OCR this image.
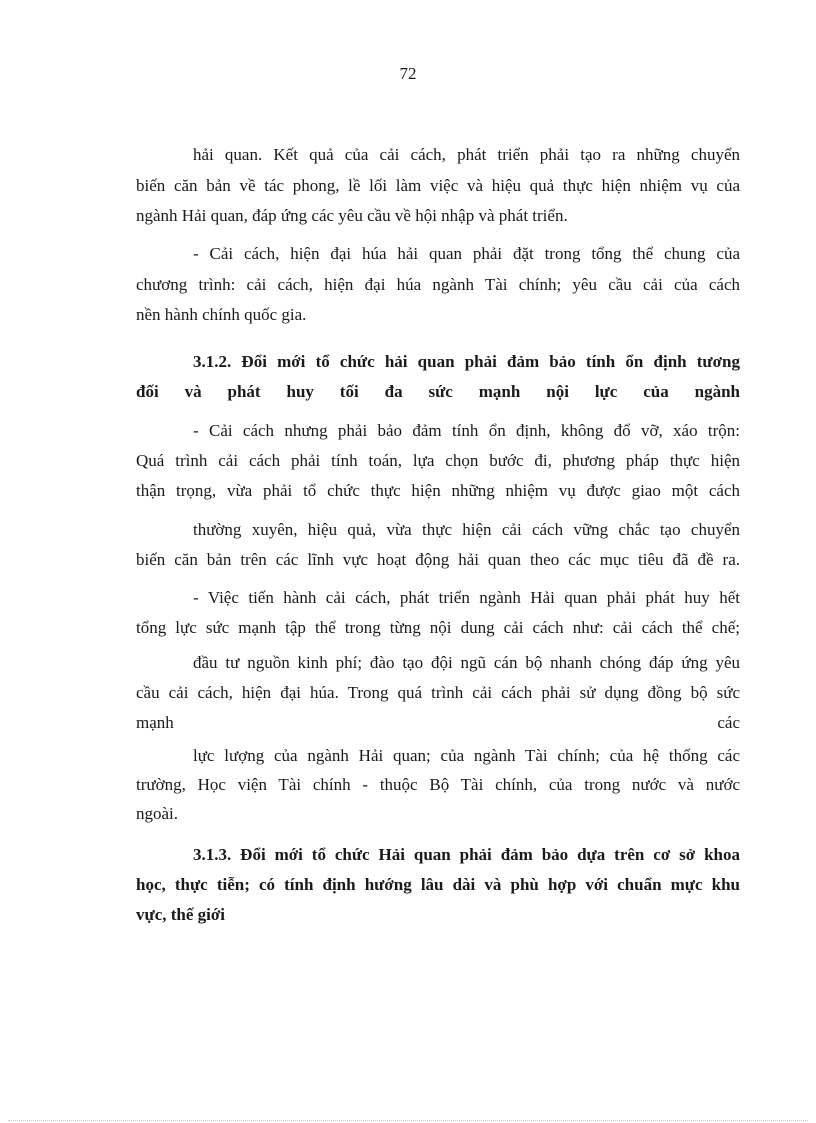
72
hải quan. Kết quả của cải cách, phát triển phải tạo ra những chuyển
biến căn bản về tác phong, lề lối làm việc và hiệu quả thực hiện nhiệm vụ của
ngành Hải quan, đáp ứng các yêu cầu về hội nhập và phát triển.
- Cải cách, hiện đại húa hải quan phải đặt trong tổng thể chung của
chương trình: cải cách, hiện đại húa ngành Tài chính; yêu cầu cải của cách
nền hành chính quốc gia.
3.1.2. Đổi mới tổ chức hải quan phải đảm bảo tính ổn định tương
đối và phát huy tối đa sức mạnh nội lực của ngành
- Cải cách nhưng phải bảo đảm tính ổn định, không đổ vỡ, xáo trộn:
Quá trình cải cách phải tính toán, lựa chọn bước đi, phương pháp thực hiện
thận trọng, vừa phải tổ chức thực hiện những nhiệm vụ được giao một cách
thường xuyên, hiệu quả, vừa thực hiện cải cách vững chắc tạo chuyển
biến căn bản trên các lĩnh vực hoạt động hải quan theo các mục tiêu đã đề ra.
- Việc tiến hành cải cách, phát triển ngành Hải quan phải phát huy hết
tổng lực sức mạnh tập thể trong từng nội dung cải cách như: cải cách thể chế;
đầu tư nguồn kinh phí; đào tạo đội ngũ cán bộ nhanh chóng đáp ứng yêu
cầu cải cách, hiện đại húa. Trong quá trình cải cách phải sử dụng đồng bộ sức
mạnh các
lực lượng của ngành Hải quan; của ngành Tài chính; của hệ thống các
trường, Học viện Tài chính - thuộc Bộ Tài chính, của trong nước và nước
ngoài.
3.1.3. Đổi mới tổ chức Hải quan phải đảm bảo dựa trên cơ sở khoa
học, thực tiễn; có tính định hướng lâu dài và phù hợp với chuẩn mực khu
vực, thế giới
